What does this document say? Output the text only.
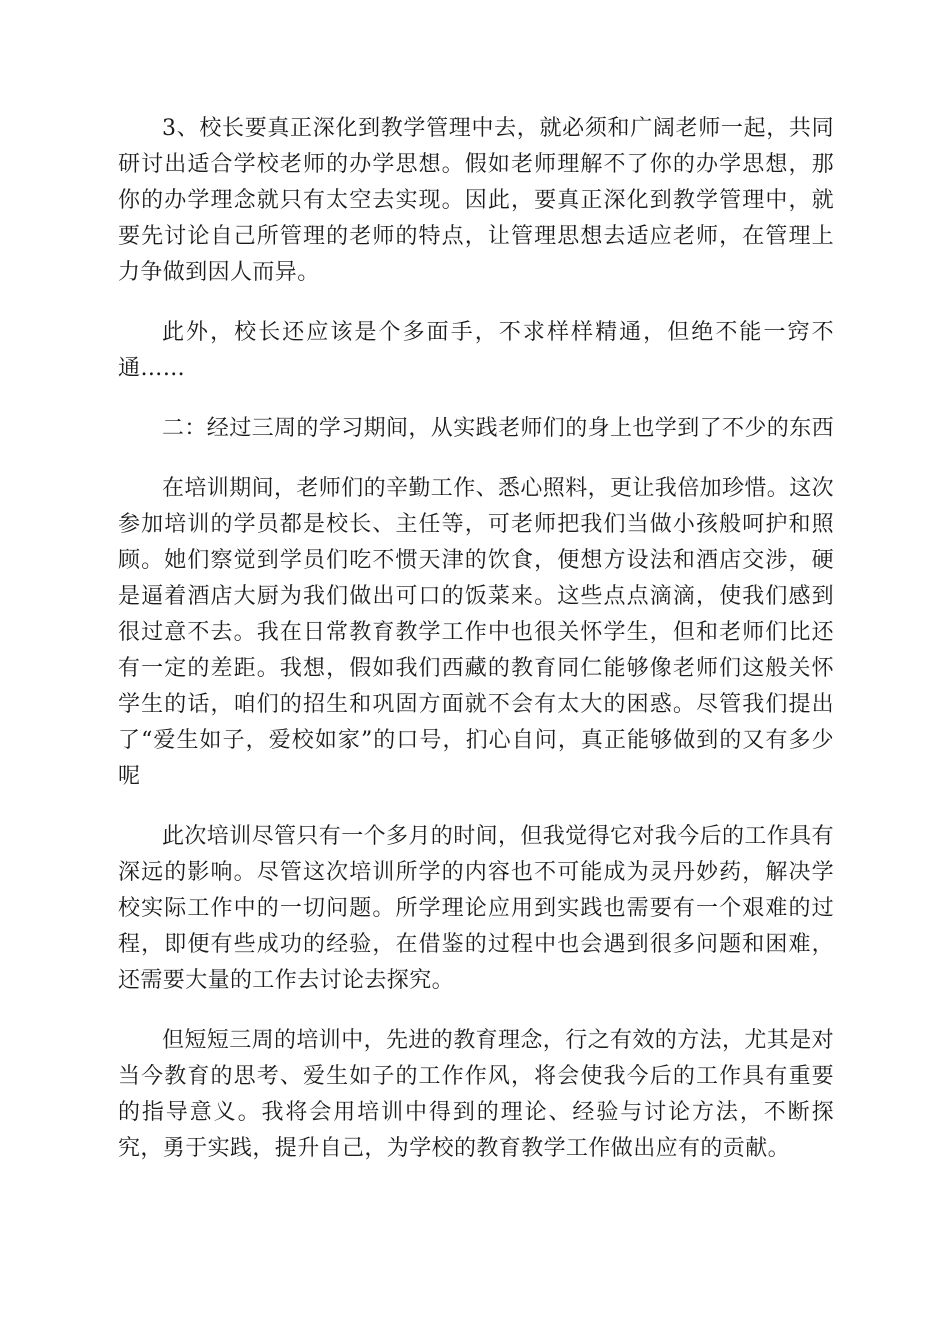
3、校长要真正深化到教学管理中去，就必须和广阔老师一起，共同研讨出适合学校老师的办学思想。假如老师理解不了你的办学思想，那你的办学理念就只有太空去实现。因此，要真正深化到教学管理中，就要先讨论自己所管理的老师的特点，让管理思想去适应老师，在管理上力争做到因人而异。

此外，校长还应该是个多面手，不求样样精通，但绝不能一窍不通……

二：经过三周的学习期间，从实践老师们的身上也学到了不少的东西

在培训期间，老师们的辛勤工作、悉心照料，更让我倍加珍惜。这次参加培训的学员都是校长、主任等，可老师把我们当做小孩般呵护和照顾。她们察觉到学员们吃不惯天津的饮食，便想方设法和酒店交涉，硬是逼着酒店大厨为我们做出可口的饭菜来。这些点点滴滴，使我们感到很过意不去。我在日常教育教学工作中也很关怀学生，但和老师们比还有一定的差距。我想，假如我们西藏的教育同仁能够像老师们这般关怀学生的话，咱们的招生和巩固方面就不会有太大的困惑。尽管我们提出了“爱生如子，爱校如家”的口号，扪心自问，真正能够做到的又有多少呢

此次培训尽管只有一个多月的时间，但我觉得它对我今后的工作具有深远的影响。尽管这次培训所学的内容也不可能成为灵丹妙药，解决学校实际工作中的一切问题。所学理论应用到实践也需要有一个艰难的过程，即便有些成功的经验，在借鉴的过程中也会遇到很多问题和困难，还需要大量的工作去讨论去探究。

但短短三周的培训中，先进的教育理念，行之有效的方法，尤其是对当今教育的思考、爱生如子的工作作风，将会使我今后的工作具有重要的指导意义。我将会用培训中得到的理论、经验与讨论方法，不断探究，勇于实践，提升自己，为学校的教育教学工作做出应有的贡献。
